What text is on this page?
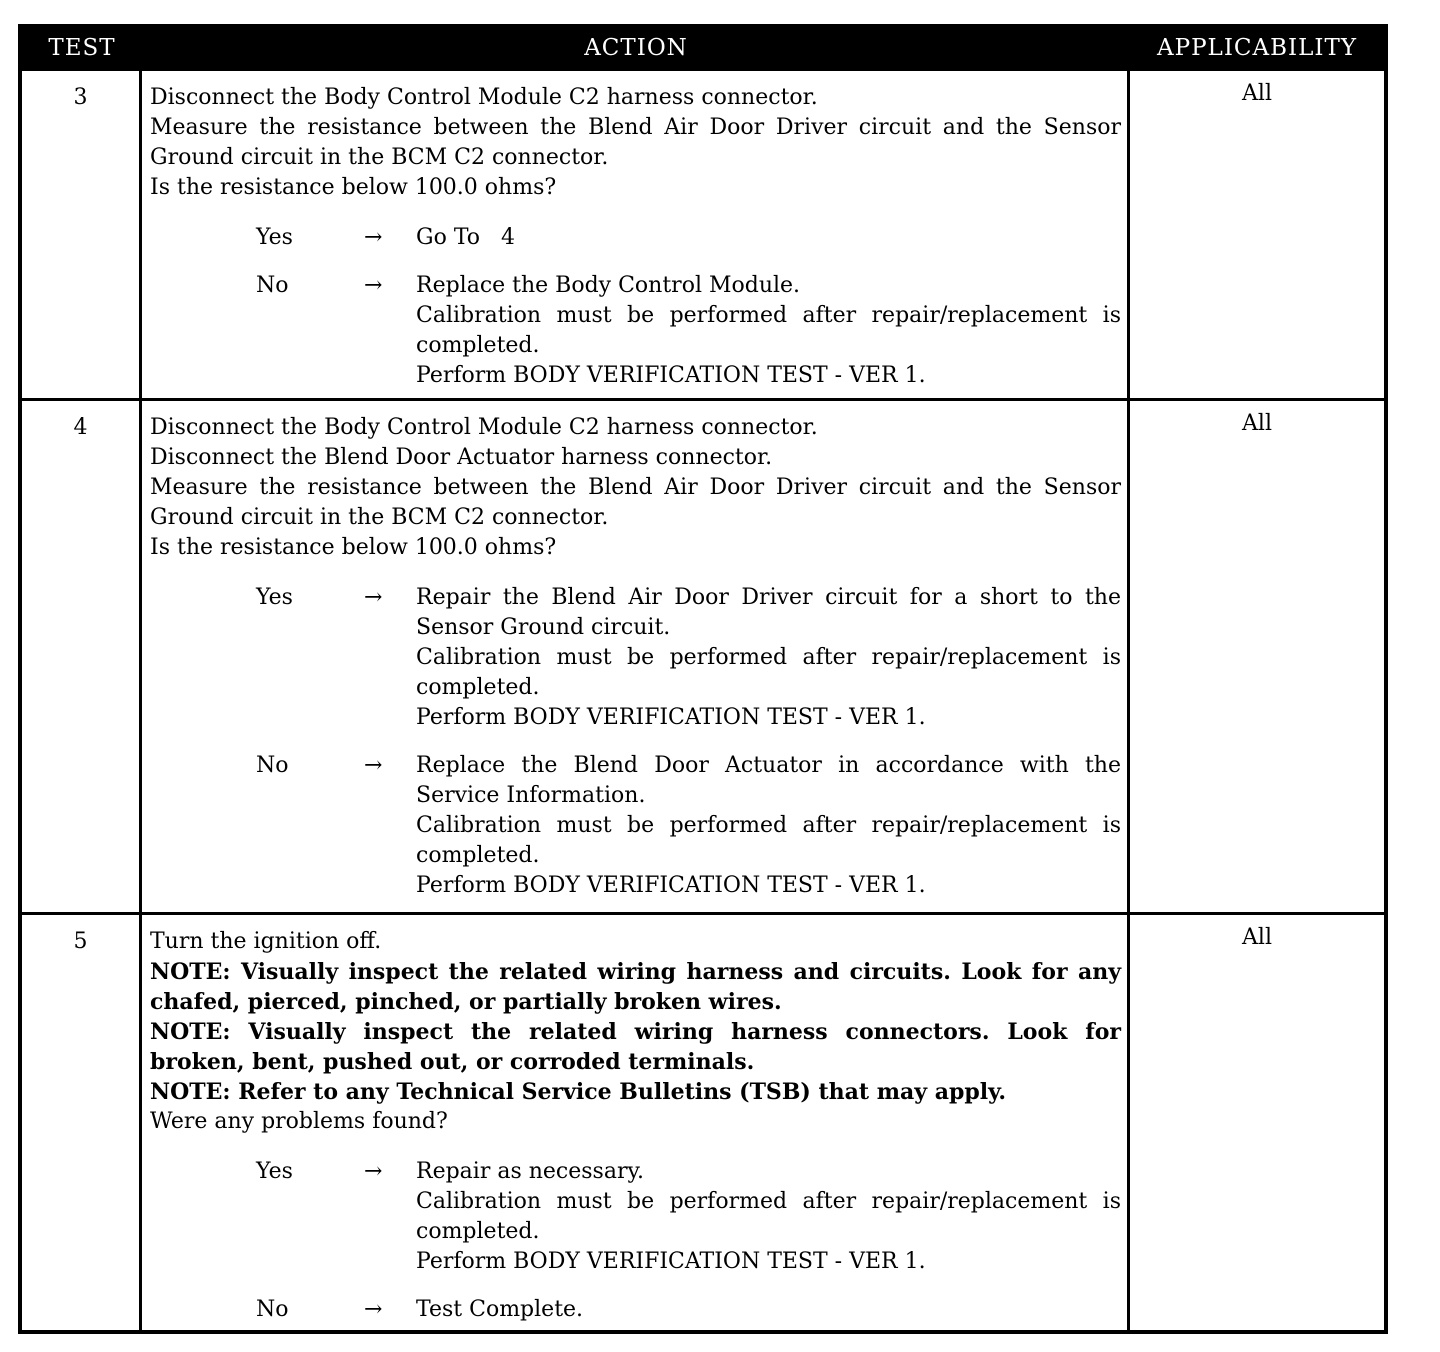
TEST	ACTION	APPLICABILITY
3	Disconnect the Body Control Module C2 harness connector.
Measure the resistance between the Blend Air Door Driver circuit and the Sensor Ground circuit in the BCM C2 connector.
Is the resistance below 100.0 ohms?
Yes	→	Go To   4
No	→	Replace the Body Control Module.
Calibration must be performed after repair/replacement is completed.
Perform BODY VERIFICATION TEST - VER 1.
All
4	Disconnect the Body Control Module C2 harness connector.
Disconnect the Blend Door Actuator harness connector.
Measure the resistance between the Blend Air Door Driver circuit and the Sensor Ground circuit in the BCM C2 connector.
Is the resistance below 100.0 ohms?
Yes	→	Repair the Blend Air Door Driver circuit for a short to the Sensor Ground circuit.
Calibration must be performed after repair/replacement is completed.
Perform BODY VERIFICATION TEST - VER 1.
No	→	Replace the Blend Door Actuator in accordance with the Service Information.
Calibration must be performed after repair/replacement is completed.
Perform BODY VERIFICATION TEST - VER 1.
All
5	Turn the ignition off.
NOTE: Visually inspect the related wiring harness and circuits. Look for any chafed, pierced, pinched, or partially broken wires.
NOTE: Visually inspect the related wiring harness connectors. Look for broken, bent, pushed out, or corroded terminals.
NOTE: Refer to any Technical Service Bulletins (TSB) that may apply.
Were any problems found?
Yes	→	Repair as necessary.
Calibration must be performed after repair/replacement is completed.
Perform BODY VERIFICATION TEST - VER 1.
No	→	Test Complete.
All
